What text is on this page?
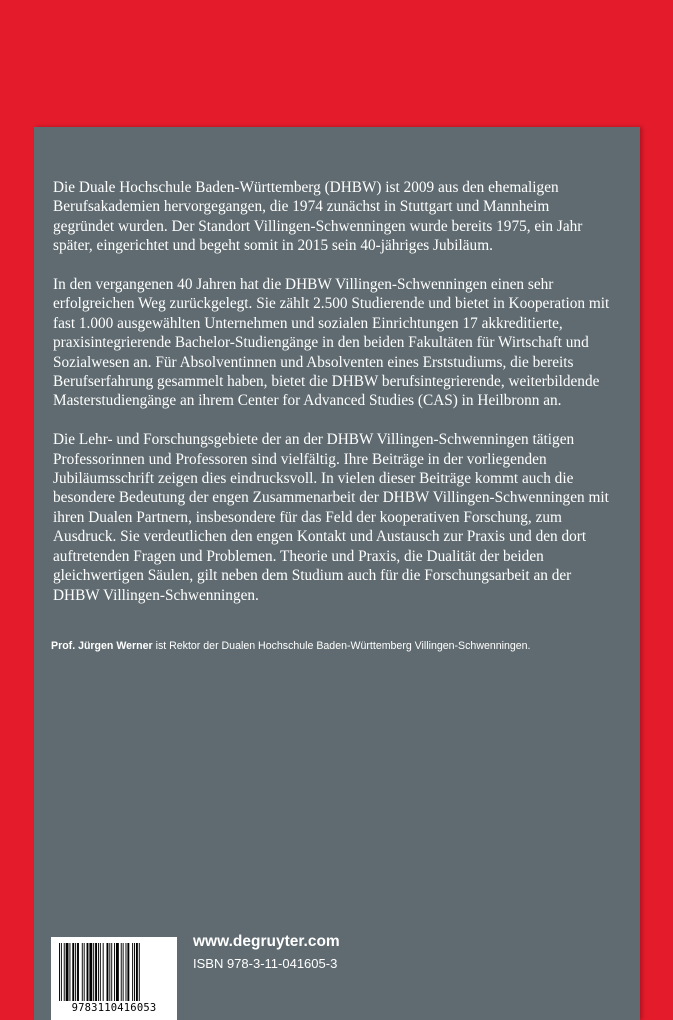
Die Duale Hochschule Baden-Württemberg (DHBW) ist 2009 aus den ehemaligen Berufsakademien hervorgegangen, die 1974 zunächst in Stuttgart und Mannheim gegründet wurden. Der Standort Villingen-Schwenningen wurde bereits 1975, ein Jahr später, eingerichtet und begeht somit in 2015 sein 40-jähriges Jubiläum.

In den vergangenen 40 Jahren hat die DHBW Villingen-Schwenningen einen sehr erfolgreichen Weg zurückgelegt. Sie zählt 2.500 Studierende und bietet in Kooperation mit fast 1.000 ausgewählten Unternehmen und sozialen Einrichtungen 17 akkreditierte, praxisintegrierende Bachelor-Studiengänge in den beiden Fakultäten für Wirtschaft und Sozialwesen an. Für Absolventinnen und Absolventen eines Erststudiums, die bereits Berufserfahrung gesammelt haben, bietet die DHBW berufsintegrierende, weiterbildende Masterstudiengänge an ihrem Center for Advanced Studies (CAS) in Heilbronn an.

Die Lehr- und Forschungsgebiete der an der DHBW Villingen-Schwenningen tätigen Professorinnen und Professoren sind vielfältig. Ihre Beiträge in der vorliegenden Jubiläumsschrift zeigen dies eindrucksvoll. In vielen dieser Beiträge kommt auch die besondere Bedeutung der engen Zusammenarbeit der DHBW Villingen-Schwenningen mit ihren Dualen Partnern, insbesondere für das Feld der kooperativen Forschung, zum Ausdruck. Sie verdeutlichen den engen Kontakt und Austausch zur Praxis und den dort auftretenden Fragen und Problemen. Theorie und Praxis, die Dualität der beiden gleichwertigen Säulen, gilt neben dem Studium auch für die Forschungsarbeit an der DHBW Villingen-Schwenningen.

Prof. Jürgen Werner ist Rektor der Dualen Hochschule Baden-Württemberg Villingen-Schwenningen.
9783110416053
www.degruyter.com
ISBN 978-3-11-041605-3
